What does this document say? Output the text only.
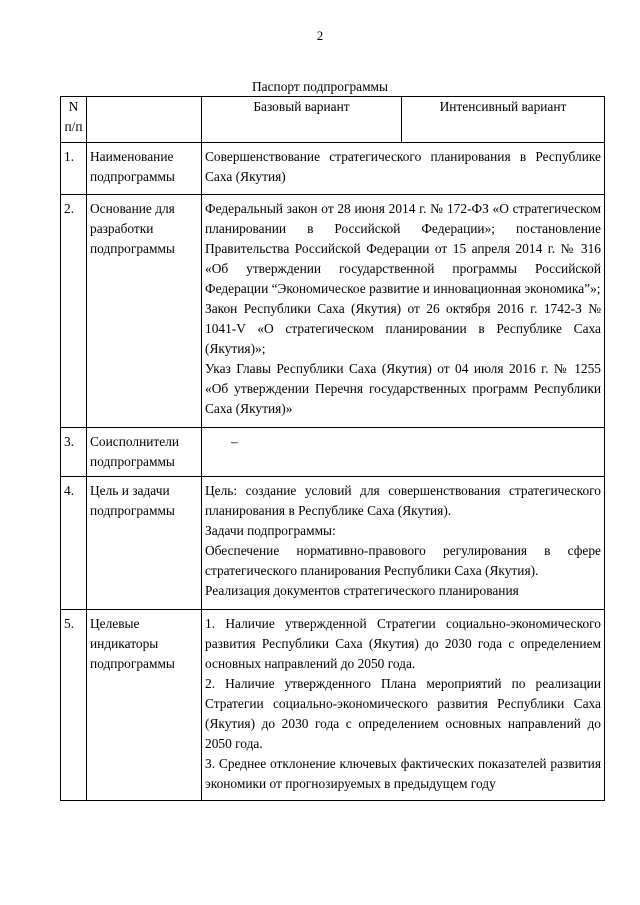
2
Паспорт подпрограммы
N п/п		Базовый вариант	Интенсивный вариант
1.	Наименование подпрограммы	Совершенствование стратегического планирования в Республике Саха (Якутия)	

2.	Основание для разработки подпрограммы	Федеральный закон от 28 июня 2014 г. № 172-ФЗ «О стратегическом планировании в Российской Федерации»; постановление Правительства Российской Федерации от 15 апреля 2014 г. № 316 «Об утверждении государственной программы Российской Федерации “Экономическое развитие и инновационная экономика”»;

Закон Республики Саха (Якутия) от 26 октября 2016 г. 1742-З № 1041-V «О стратегическом планировании в Республике Саха (Якутия)»;

Указ Главы Республики Саха (Якутия) от 04 июля 2016 г. № 1255 «Об утверждении Перечня государственных программ Республики Саха (Якутия)»	

3.	Соисполнители подпрограммы	–	

4.	Цель и задачи подпрограммы	Цель: создание условий для совершенствования стратегического планирования в Республике Саха (Якутия).

Задачи подпрограммы:

Обеспечение нормативно-правового регулирования в сфере стратегического планирования Республики Саха (Якутия).

Реализация документов стратегического планирования	

5.	Целевые индикаторы подпрограммы	1. Наличие утвержденной Стратегии социально-экономического развития Республики Саха (Якутия) до 2030 года с определением основных направлений до 2050 года.

2. Наличие утвержденного Плана мероприятий по реализации Стратегии социально-экономического развития Республики Саха (Якутия) до 2030 года с определением основных направлений до 2050 года.

3. Среднее отклонение ключевых фактических показателей развития экономики от прогнозируемых в предыдущем году	
